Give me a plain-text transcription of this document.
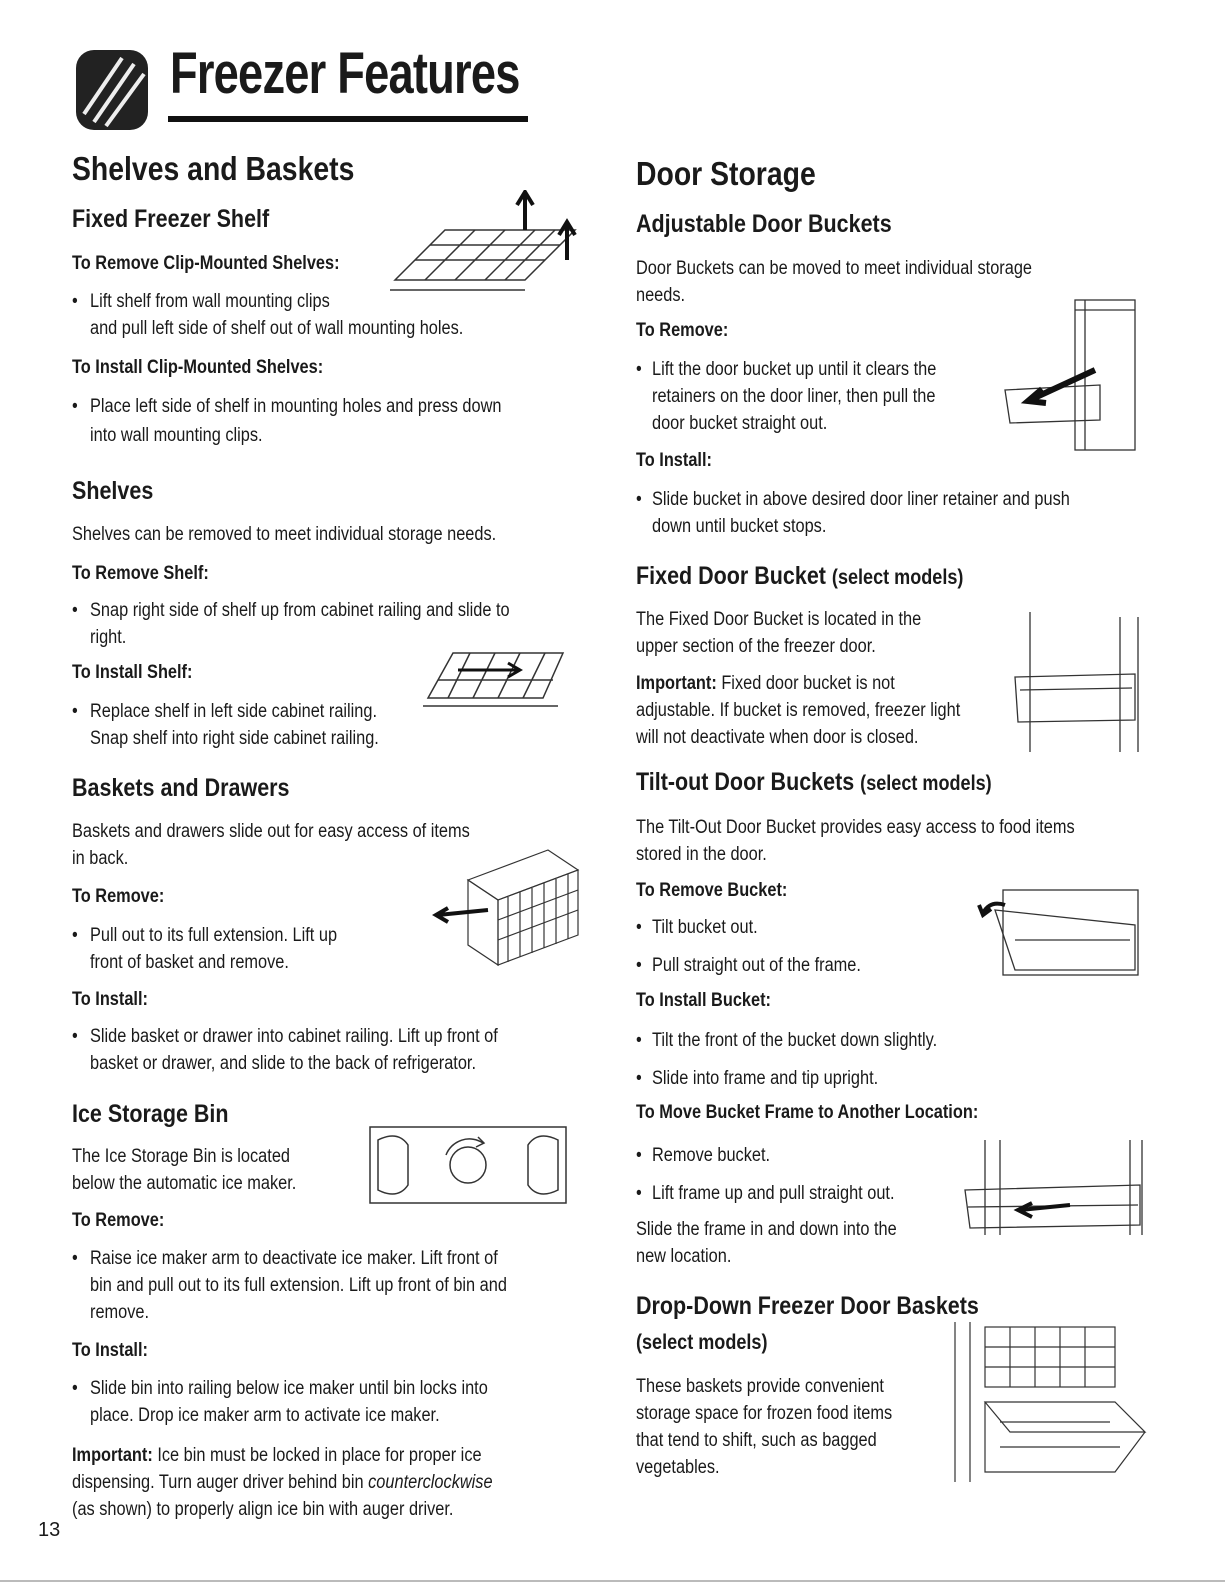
Freezer Features
Shelves and Baskets
Fixed Freezer Shelf
To Remove Clip-Mounted Shelves:
• Lift shelf from wall mounting clips
and pull left side of shelf out of wall mounting holes.
To Install Clip-Mounted Shelves:
• Place left side of shelf in mounting holes and press down
into wall mounting clips.
Shelves
Shelves can be removed to meet individual storage needs.
To Remove Shelf:
• Snap right side of shelf up from cabinet railing and slide to
right.
To Install Shelf:
• Replace shelf in left side cabinet railing.
Snap shelf into right side cabinet railing.
Baskets and Drawers
Baskets and drawers slide out for easy access of items
in back.
To Remove:
• Pull out to its full extension. Lift up
front of basket and remove.
To Install:
• Slide basket or drawer into cabinet railing. Lift up front of
basket or drawer, and slide to the back of refrigerator.
Ice Storage Bin
The Ice Storage Bin is located
below the automatic ice maker.
To Remove:
• Raise ice maker arm to deactivate ice maker. Lift front of
bin and pull out to its full extension. Lift up front of bin and
remove.
To Install:
• Slide bin into railing below ice maker until bin locks into
place. Drop ice maker arm to activate ice maker.
Important: Ice bin must be locked in place for proper ice
dispensing. Turn auger driver behind bin counterclockwise
(as shown) to properly align ice bin with auger driver.
13
Door Storage
Adjustable Door Buckets
Door Buckets can be moved to meet individual storage
needs.
To Remove:
• Lift the door bucket up until it clears the
retainers on the door liner, then pull the
door bucket straight out.
To Install:
• Slide bucket in above desired door liner retainer and push
down until bucket stops.
Fixed Door Bucket (select models)
The Fixed Door Bucket is located in the
upper section of the freezer door.
Important: Fixed door bucket is not
adjustable. If bucket is removed, freezer light
will not deactivate when door is closed.
Tilt-out Door Buckets (select models)
The Tilt-Out Door Bucket provides easy access to food items
stored in the door.
To Remove Bucket:
• Tilt bucket out.
• Pull straight out of the frame.
To Install Bucket:
• Tilt the front of the bucket down slightly.
• Slide into frame and tip upright.
To Move Bucket Frame to Another Location:
• Remove bucket.
• Lift frame up and pull straight out.
Slide the frame in and down into the
new location.
Drop-Down Freezer Door Baskets
(select models)
These baskets provide convenient
storage space for frozen food items
that tend to shift, such as bagged
vegetables.
